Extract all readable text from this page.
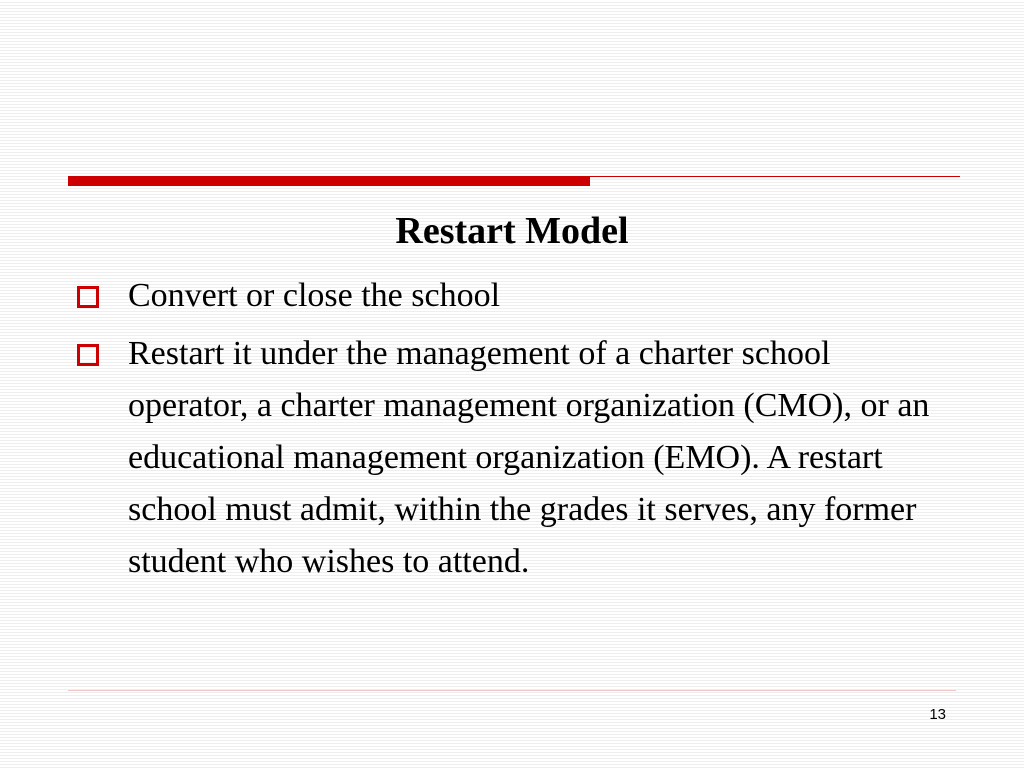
Restart Model
Convert or close the school
Restart it under the management of a charter school operator, a charter management organization (CMO), or an educational management organization (EMO). A restart school must admit, within the grades it serves, any former student who wishes to attend.
13
